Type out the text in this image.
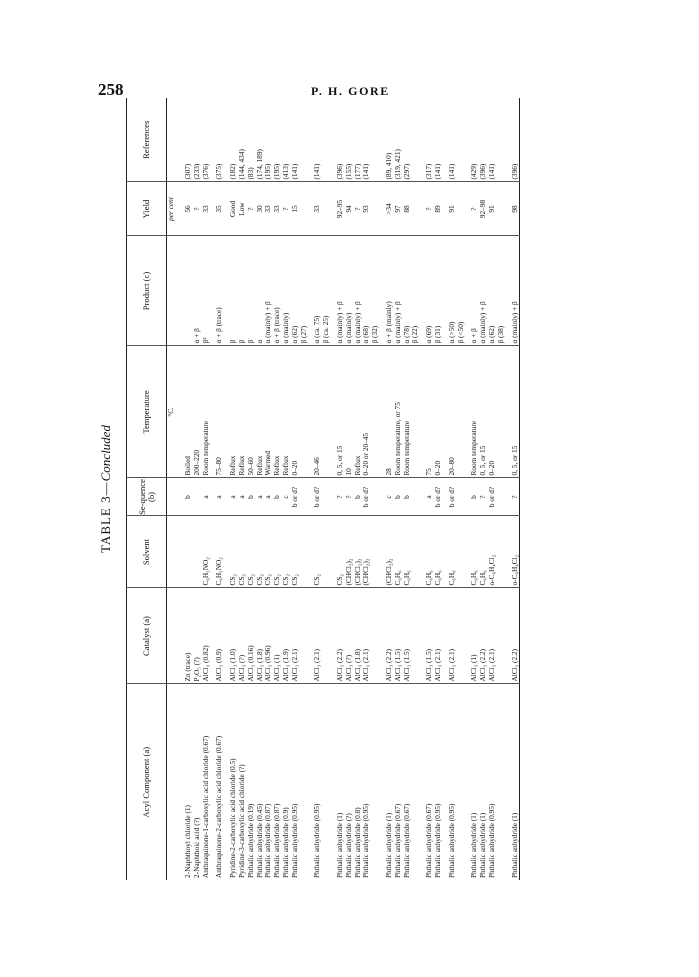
258	P. H. GORE
TABLE 3—Concluded
Acyl Component (a)	Catalyst (a)	Solvent	Se-quence (b)	Temperature	Product (c)	Yield	References
				°C.		per cent	
2-Naphthoyl chloride (1)	Zn (trace)		b	Boiled		56	(307)
2-Naphthoic acid (?)	P₂O₅ (?)			200–220	α + β	?	(233)
Anthraquinone-1-carboxylic acid chloride (0.67)	AlCl₃ (0.82)	C₆H₅NO₂	a	Room temperature	β²	33	(376)
Anthraquinone-2-carboxylic acid chloride (0.67)	AlCl₃ (0.9)	C₆H₅NO₂	a	75–80	α + β (trace)	35	(375)
Pyridine-2-carboxylic acid chloride (0.5)	AlCl₃ (1.0)	CS₂	a	Reflux	β	Good	(182)
Pyridine-3-carboxylic acid chloride (?)	AlCl₃ (?)	CS₂	a	Reflux	β	Low	(144, 434)
Phthalic anhydride (0.19)	AlCl₃ (0.16)	CS₂	b	50–60	β	?	(83)
Phthalic anhydride (0.45)	AlCl₃ (1.8)	CS₂	a	Reflux	α	30	(174, 189)
Phthalic anhydride (0.87)	AlCl₃ (0.96)	CS₂	a	Warmed	α (mainly) + β	33	(195)
Phthalic anhydride (0.87)	AlCl₃ (1)	CS₂	b	Reflux	α + β (trace)	33	(195)
Phthalic anhydride (0.9)	AlCl₃ (1.9)	CS₂	c	Reflux	α (mainly)	?	(413)
Phthalic anhydride (0.95)	AlCl₃ (2.1)	CS₂	b or d?	0–20	α (62)	15	(141)
					β (27)		
Phthalic anhydride (0.95)	AlCl₃ (2.1)	CS₂	b or d?	20–46	α (ca. 75)	33	(141)
					β (ca. 25)		
Phthalic anhydride (1)	AlCl₃ (2.2)	CS₂	?	0, 5, or 15	α (mainly) + β	92–95	(396)
Phthalic anhydride (?)	AlCl₃ (?)	(CHCl₂)₂	?	10	α (mainly)	94	(155)
Phthalic anhydride (0.8)	AlCl₃ (1.8)	(CHCl₂)₂	b	Reflux	α (mainly) + β	?	(177)
Phthalic anhydride (0.95)	AlCl₃ (2.1)	(CHCl₂)₂	b or d?	0–20 or 20–45	α (68)	93	(141)
					β (32)		
Phthalic anhydride (1)	AlCl₃ (2.2)	(CHCl₂)₂	c	28	α + β (mainly)	>34	(89, 410)
Phthalic anhydride (0.67)	AlCl₃ (1.5)	C₆H₆	b	Room temperature, or 75	α (mainly) + β	97	(319, 421)
Phthalic anhydride (0.67)	AlCl₃ (1.5)	C₆H₆	b	Room temperature	α (78)	88	(297)
					β (22)		
Phthalic anhydride (0.67)	AlCl₃ (1.5)	C₆H₆	a	75	α (69)	?	(317)
Phthalic anhydride (0.95)	AlCl₃ (2.1)	C₆H₆	b or d?	0–20	β (31)	89	(141)
Phthalic anhydride (0.95)	AlCl₃ (2.1)	C₆H₆	b or d?	20–80	α (>50)	91	(141)
					β (<50)		
Phthalic anhydride (1)	AlCl₃ (1)	C₆H₆	b	Room temperature	α + β	?	(429)
Phthalic anhydride (1)	AlCl₃ (2.2)	C₆H₆	?	0, 5, or 15	α (mainly) + β	92–98	(396)
Phthalic anhydride (0.95)	AlCl₃ (2.1)	o-C₆H₄Cl₂	b or d?	0–20	α (62)	91	(141)
					β (38)		
Phthalic anhydride (1)	AlCl₃ (2.2)	o-C₆H₄Cl₂	?	0, 5, or 15	α (mainly) + β	98	(396)
